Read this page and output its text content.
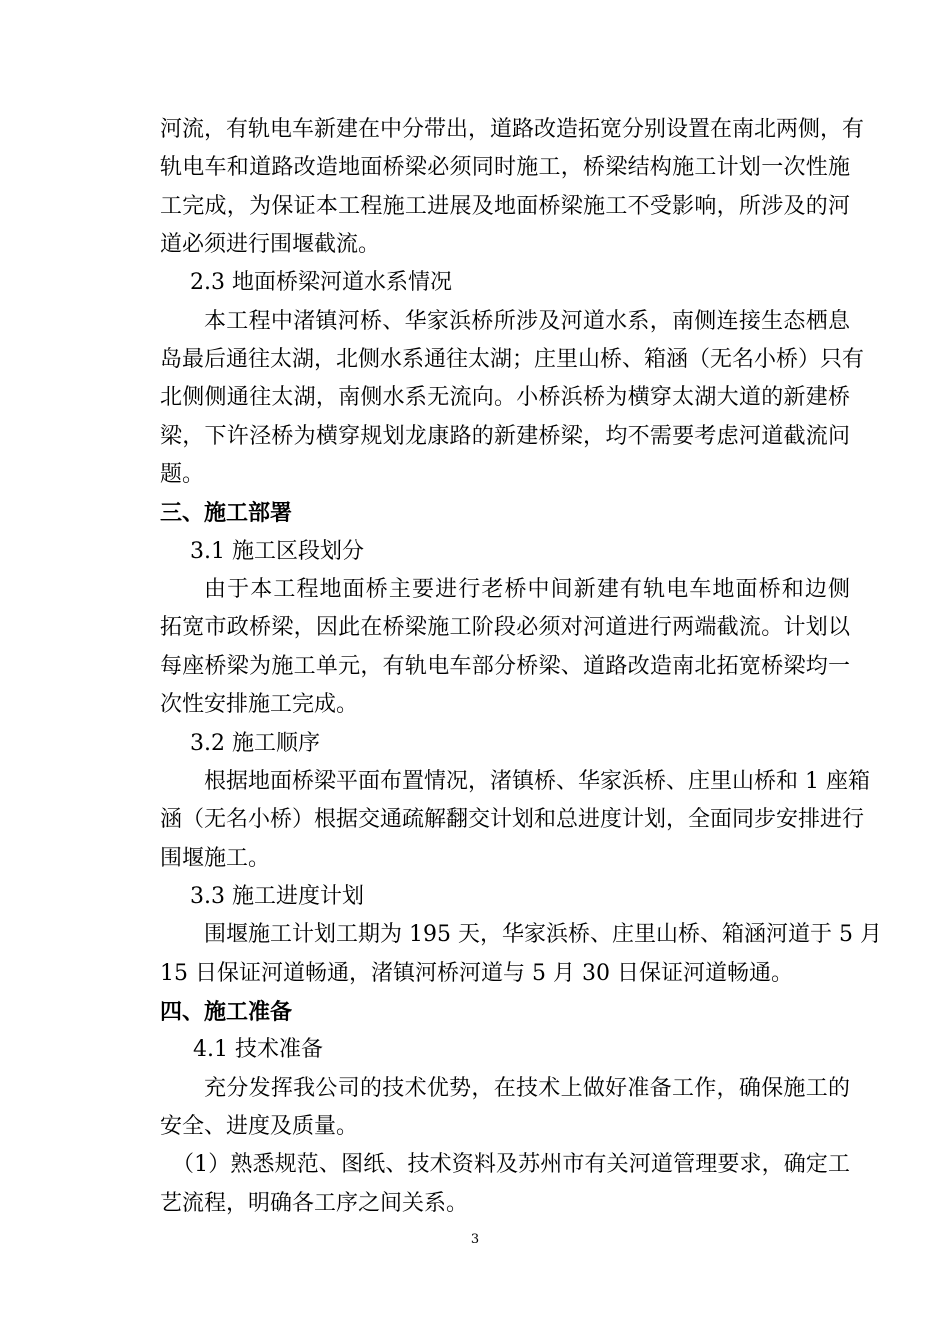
河流，有轨电车新建在中分带出，道路改造拓宽分别设置在南北两侧，有
轨电车和道路改造地面桥梁必须同时施工，桥梁结构施工计划一次性施
工完成，为保证本工程施工进展及地面桥梁施工不受影响，所涉及的河
道必须进行围堰截流。
2.3 地面桥梁河道水系情况
本工程中渚镇河桥、华家浜桥所涉及河道水系，南侧连接生态栖息
岛最后通往太湖，北侧水系通往太湖；庄里山桥、箱涵（无名小桥）只有
北侧侧通往太湖，南侧水系无流向。小桥浜桥为横穿太湖大道的新建桥
梁，下许泾桥为横穿规划龙康路的新建桥梁，均不需要考虑河道截流问
题。
三、施工部署
3.1 施工区段划分
由于本工程地面桥主要进行老桥中间新建有轨电车地面桥和边侧
拓宽市政桥梁，因此在桥梁施工阶段必须对河道进行两端截流。计划以
每座桥梁为施工单元，有轨电车部分桥梁、道路改造南北拓宽桥梁均一
次性安排施工完成。
3.2 施工顺序
根据地面桥梁平面布置情况，渚镇桥、华家浜桥、庄里山桥和 1 座箱
涵（无名小桥）根据交通疏解翻交计划和总进度计划，全面同步安排进行
围堰施工。
3.3 施工进度计划
围堰施工计划工期为 195 天，华家浜桥、庄里山桥、箱涵河道于 5 月
15 日保证河道畅通，渚镇河桥河道与 5 月 30 日保证河道畅通。
四、施工准备
4.1 技术准备
充分发挥我公司的技术优势，在技术上做好准备工作，确保施工的
安全、进度及质量。
（1）熟悉规范、图纸、技术资料及苏州市有关河道管理要求，确定工
艺流程，明确各工序之间关系。
3
